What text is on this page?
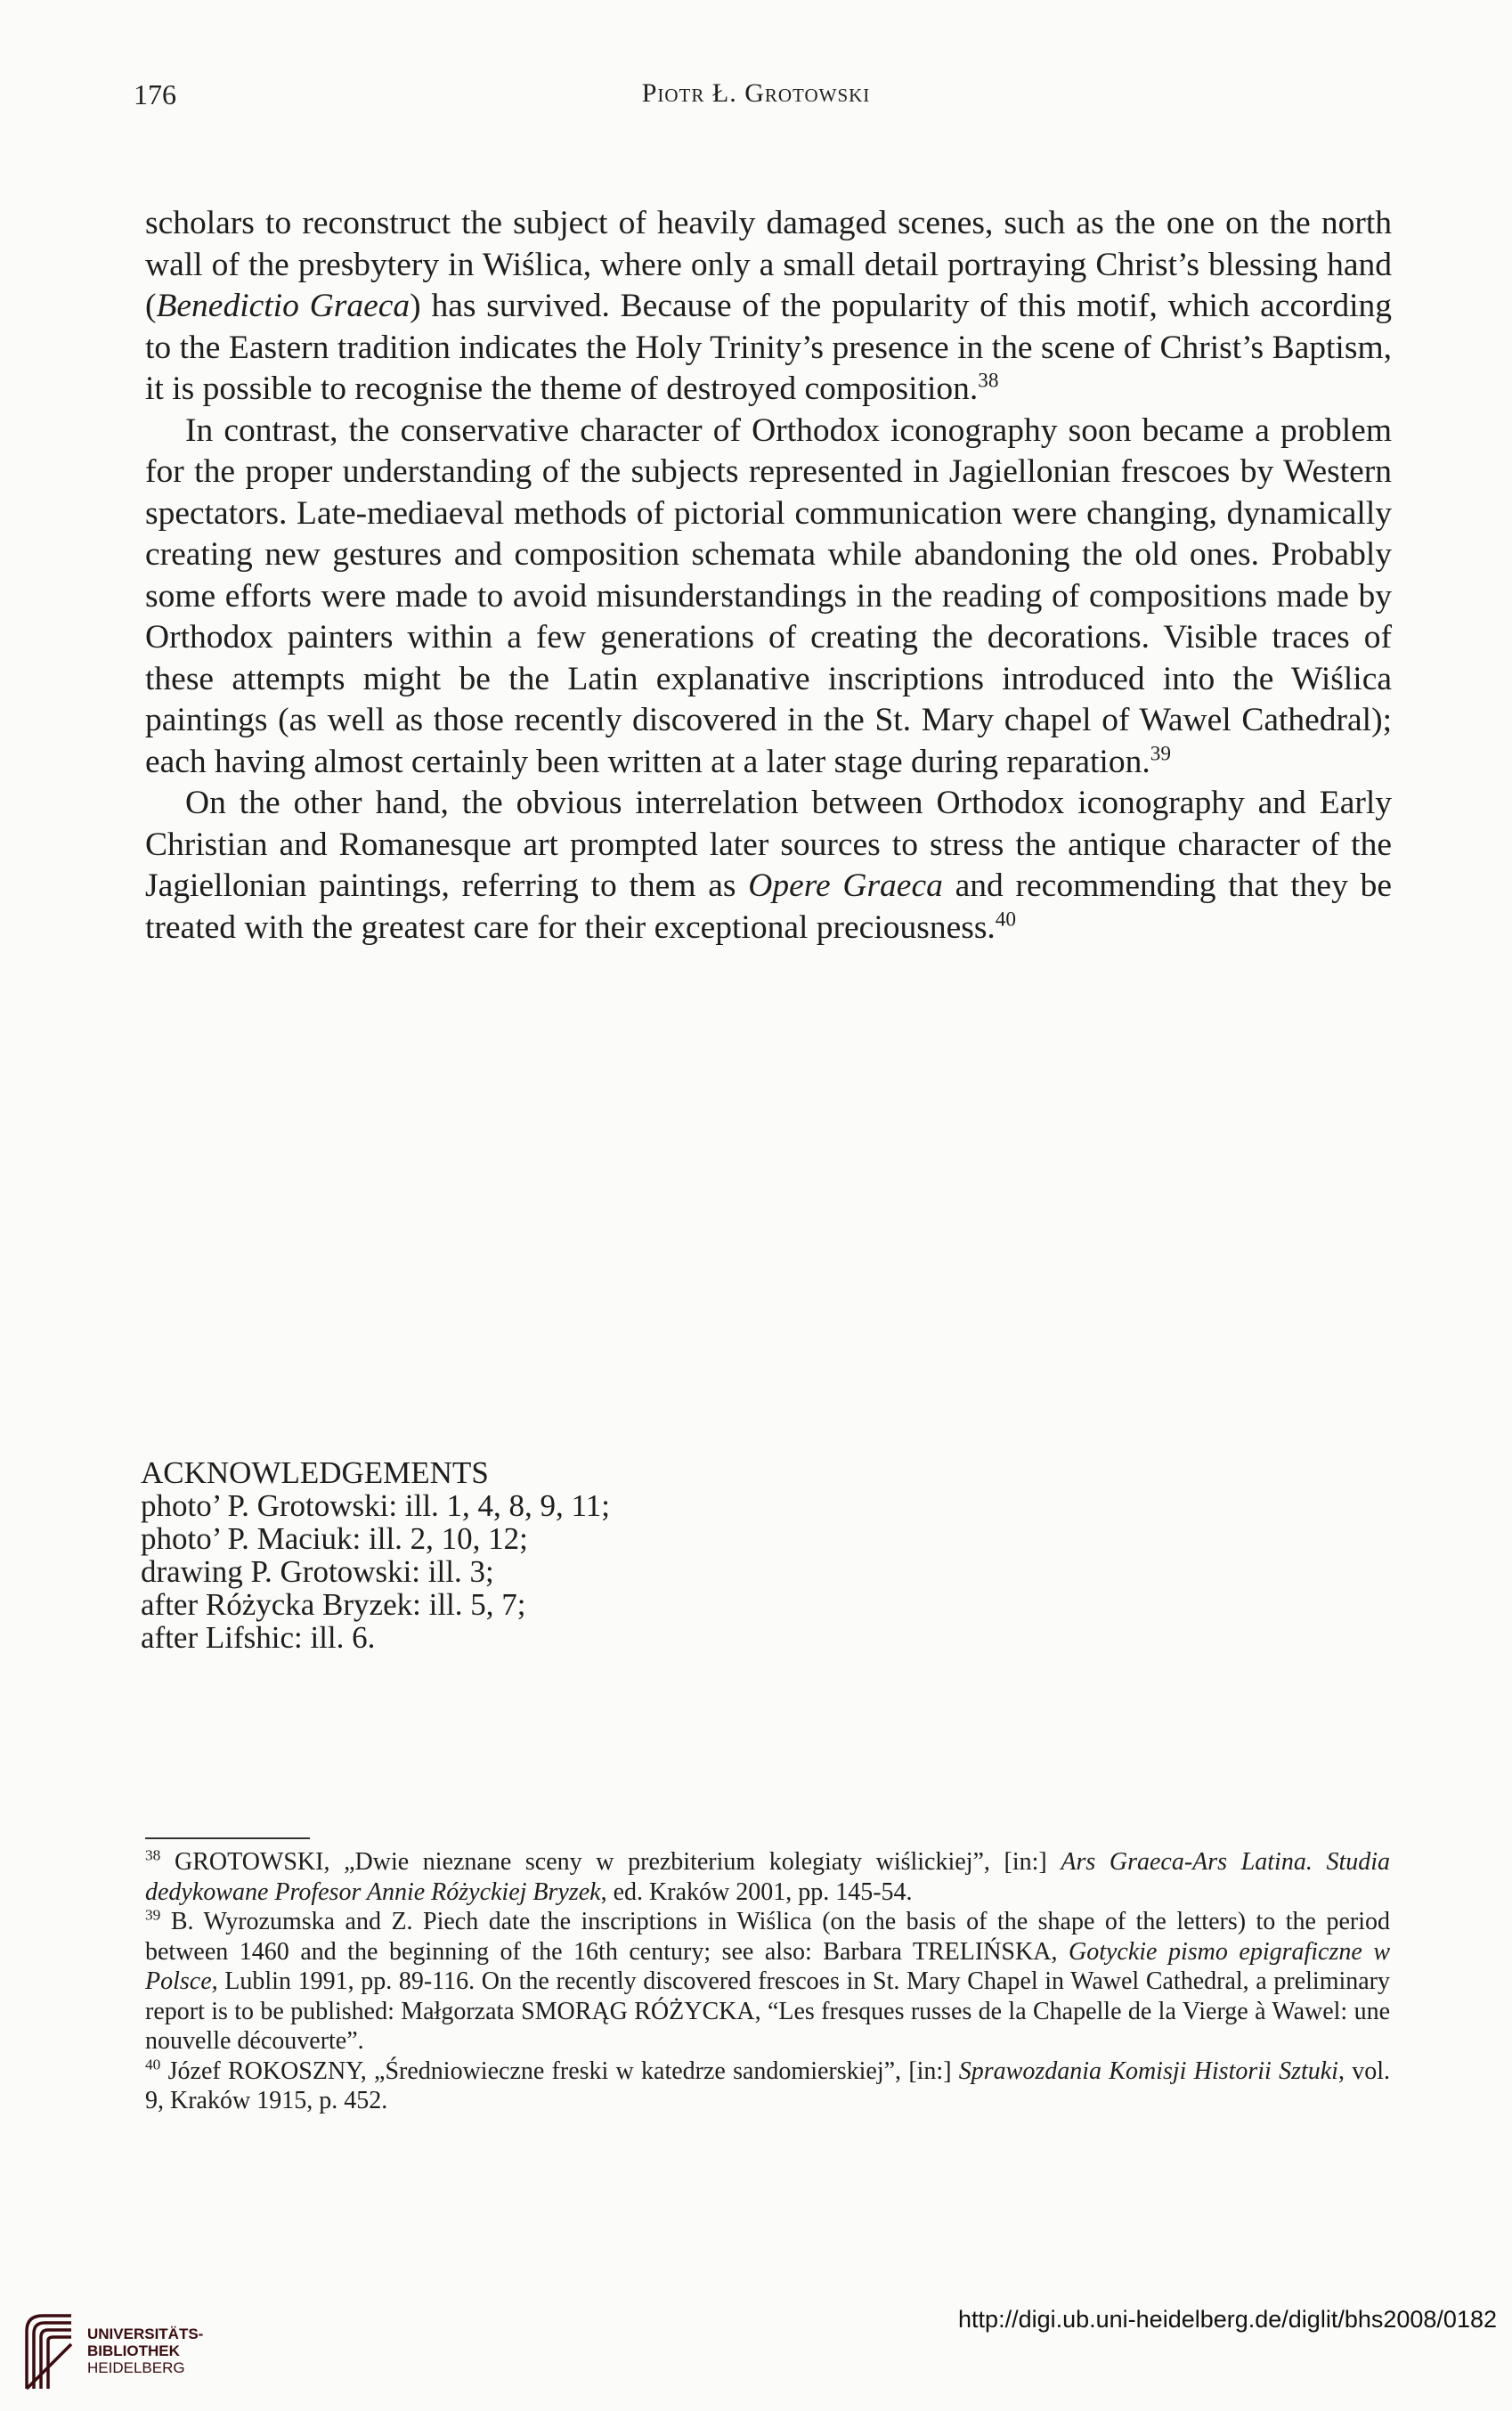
176	Piotr Ł. Grotowski

scholars to reconstruct the subject of heavily damaged scenes, such as the one on the north wall of the presbytery in Wiślica, where only a small detail portraying Christ’s blessing hand (Benedictio Graeca) has survived. Because of the popularity of this motif, which according to the Eastern tradition indicates the Holy Trinity’s presence in the scene of Christ’s Baptism, it is possible to recognise the theme of destroyed composition.$^{38}$

In contrast, the conservative character of Orthodox iconography soon became a problem for the proper understanding of the subjects represented in Jagiellonian frescoes by Western spectators. Late-mediaeval methods of pictorial communication were changing, dynamically creating new gestures and composition schemata while abandoning the old ones. Probably some efforts were made to avoid misunderstandings in the reading of compositions made by Orthodox painters within a few generations of creating the decorations. Visible traces of these attempts might be the Latin explanative inscriptions introduced into the Wiślica paintings (as well as those recently discovered in the St. Mary chapel of Wawel Cathedral); each having almost certainly been written at a later stage during reparation.$^{39}$

On the other hand, the obvious interrelation between Orthodox iconography and Early Christian and Romanesque art prompted later sources to stress the antique character of the Jagiellonian paintings, referring to them as Opere Graeca and recommending that they be treated with the greatest care for their exceptional preciousness.$^{40}$

ACKNOWLEDGEMENTS
photo’ P. Grotowski: ill. 1, 4, 8, 9, 11;
photo’ P. Maciuk: ill. 2, 10, 12;
drawing P. Grotowski: ill. 3;
after Różycka Bryzek: ill. 5, 7;
after Lifshic: ill. 6.

$^{38}$ GROTOWSKI, „Dwie nieznane sceny w prezbiterium kolegiaty wiślickiej”, [in:] Ars Graeca-Ars Latina. Studia dedykowane Profesor Annie Różyckiej Bryzek, ed. Kraków 2001, pp. 145-54.

$^{39}$ B. Wyrozumska and Z. Piech date the inscriptions in Wiślica (on the basis of the shape of the letters) to the period between 1460 and the beginning of the 16th century; see also: Barbara TRELIŃSKA, Gotyckie pismo epigraficzne w Polsce, Lublin 1991, pp. 89-116. On the recently discovered frescoes in St. Mary Chapel in Wawel Cathedral, a preliminary report is to be published: Małgorzata SMORĄG RÓŻYCKA, “Les fresques russes de la Chapelle de la Vierge à Wawel: une nouvelle découverte”.

$^{40}$ Józef ROKOSZNY, „Średniowieczne freski w katedrze sandomierskiej”, [in:] Sprawozdania Komisji Historii Sztuki, vol. 9, Kraków 1915, p. 452.

UNIVERSITÄTS-
BIBLIOTHEK
HEIDELBERG
http://digi.ub.uni-heidelberg.de/diglit/bhs2008/0182
